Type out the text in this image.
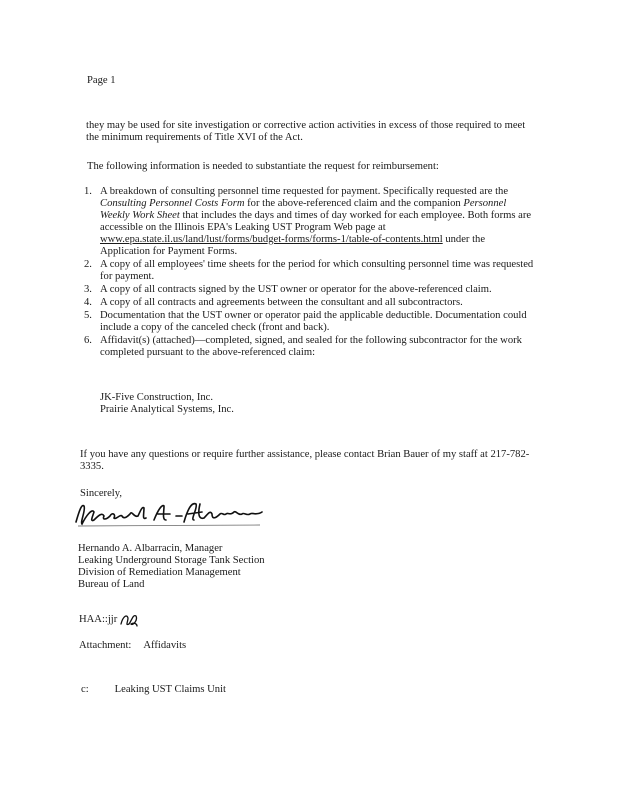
Page 1
they may be used for site investigation or corrective action activities in excess of those required to meet the minimum requirements of Title XVI of the Act.
The following information is needed to substantiate the request for reimbursement:
1. A breakdown of consulting personnel time requested for payment. Specifically requested are the Consulting Personnel Costs Form for the above-referenced claim and the companion Personnel Weekly Work Sheet that includes the days and times of day worked for each employee. Both forms are accessible on the Illinois EPA's Leaking UST Program Web page at www.epa.state.il.us/land/lust/forms/budget-forms/forms-1/table-of-contents.html under the Application for Payment Forms.
2. A copy of all employees' time sheets for the period for which consulting personnel time was requested for payment.
3. A copy of all contracts signed by the UST owner or operator for the above-referenced claim.
4. A copy of all contracts and agreements between the consultant and all subcontractors.
5. Documentation that the UST owner or operator paid the applicable deductible. Documentation could include a copy of the canceled check (front and back).
6. Affidavit(s) (attached)—completed, signed, and sealed for the following subcontractor for the work completed pursuant to the above-referenced claim:
JK-Five Construction, Inc.
Prairie Analytical Systems, Inc.
If you have any questions or require further assistance, please contact Brian Bauer of my staff at 217-782-3335.
Sincerely,
Hernando A. Albarracin, Manager
Leaking Underground Storage Tank Section
Division of Remediation Management
Bureau of Land
HAA::jjr
Attachment: Affidavits
c: Leaking UST Claims Unit
